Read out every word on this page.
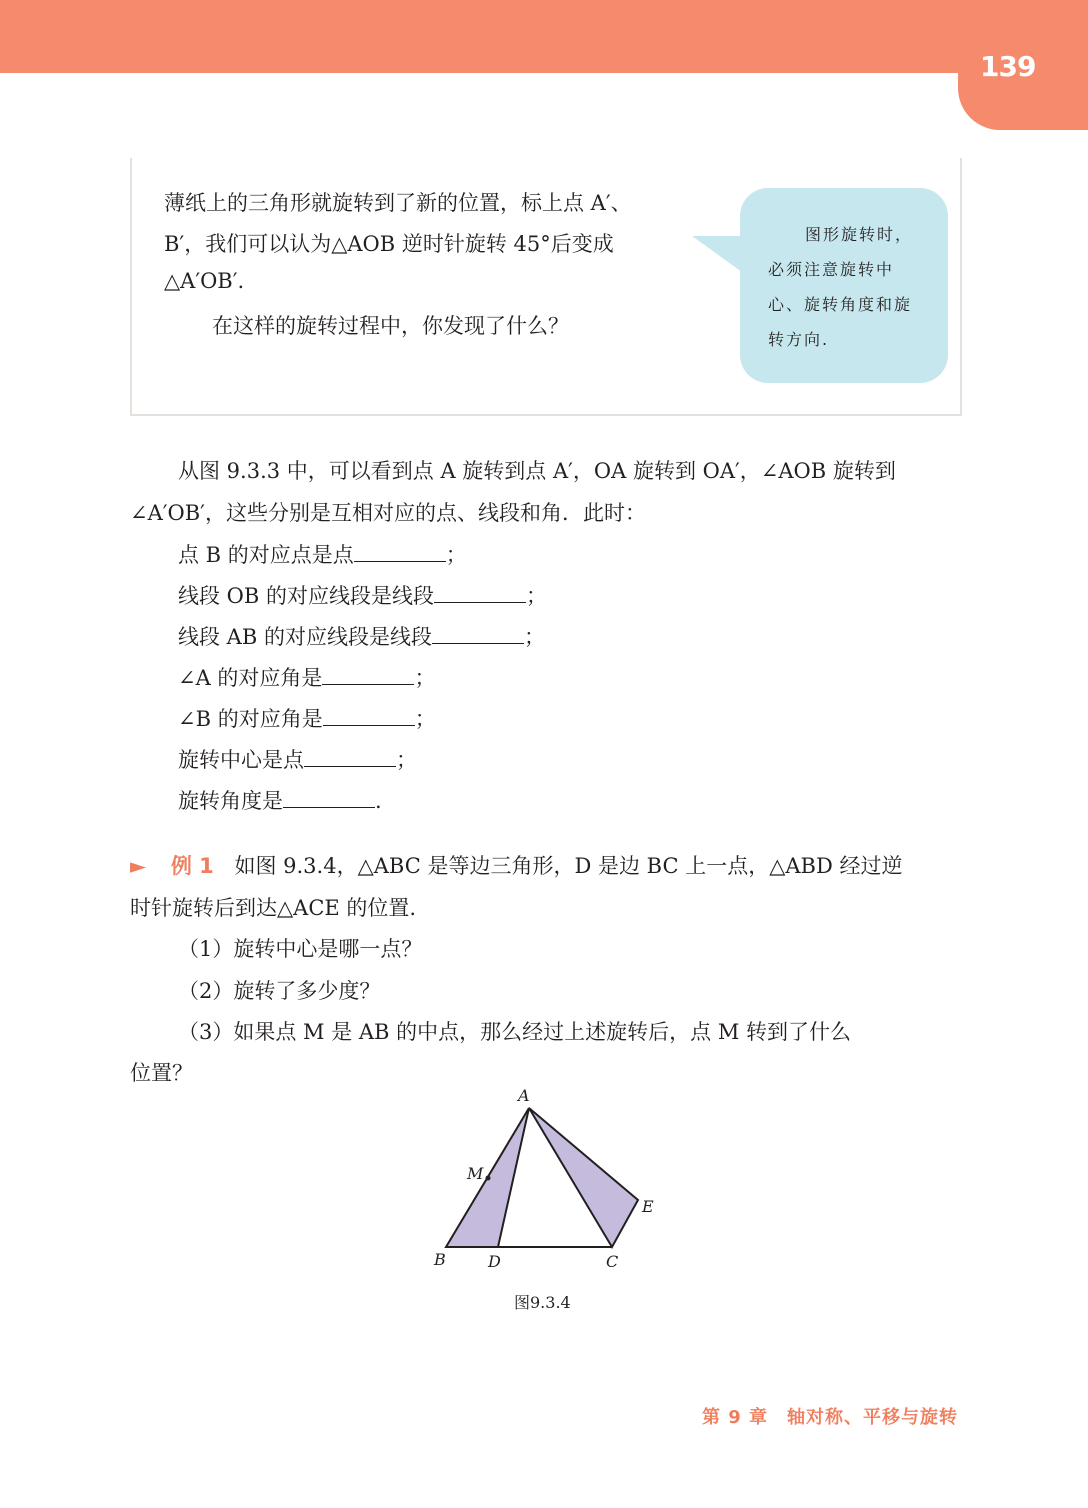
139
薄纸上的三角形就旋转到了新的位置，标上点 A′、
B′，我们可以认为△AOB 逆时针旋转 45°后变成
△A′OB′.
在这样的旋转过程中，你发现了什么？
图形旋转时，
必须注意旋转中
心、旋转角度和旋
转方向.
从图 9.3.3 中，可以看到点 A 旋转到点 A′，OA 旋转到 OA′，∠AOB 旋转到
∠A′OB′，这些分别是互相对应的点、线段和角．此时：
点 B 的对应点是点	；
线段 OB 的对应线段是线段	；
线段 AB 的对应线段是线段	；
∠A 的对应角是	；
∠B 的对应角是	；
旋转中心是点	；
旋转角度是	.
► 例 1 如图 9.3.4，△ABC 是等边三角形，D 是边 BC 上一点，△ABD 经过逆
时针旋转后到达△ACE 的位置.
（1）旋转中心是哪一点？
（2）旋转了多少度？
（3）如果点 M 是 AB 的中点，那么经过上述旋转后，点 M 转到了什么
位置？
A
B	D	C
E
M
图9.3.4
第 9 章　轴对称、平移与旋转
